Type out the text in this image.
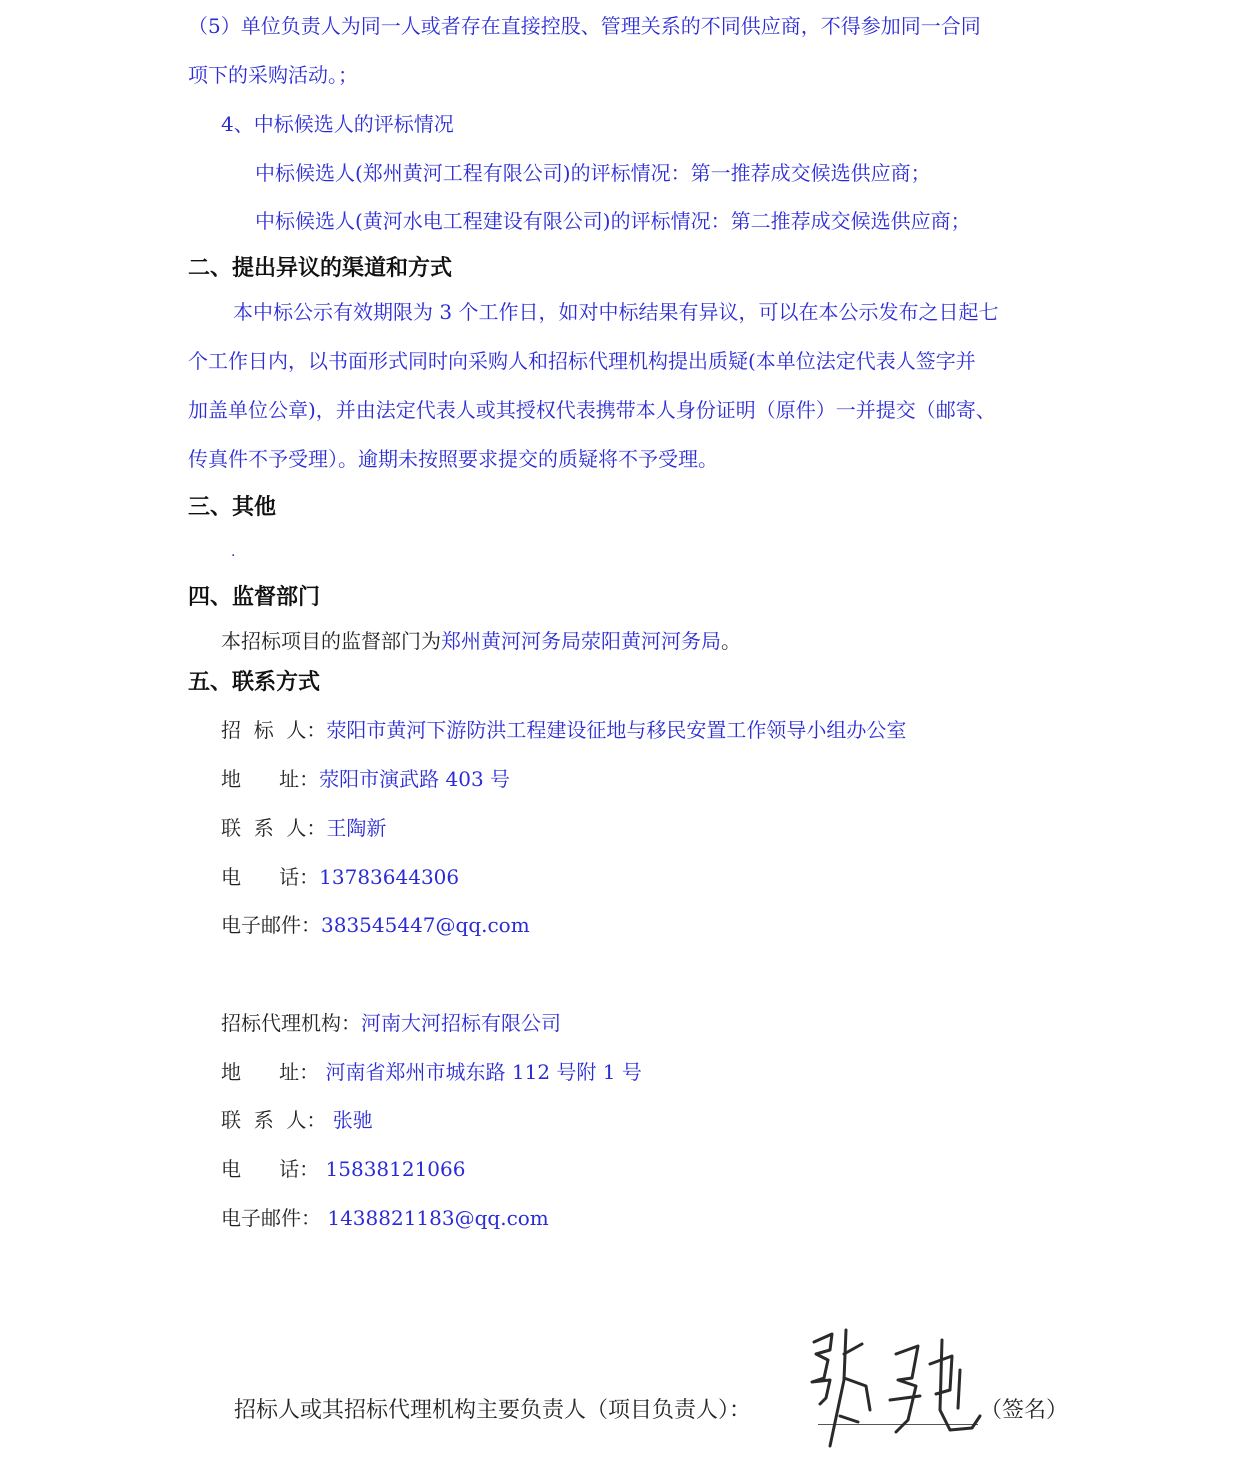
（5）单位负责人为同一人或者存在直接控股、管理关系的不同供应商，不得参加同一合同
项下的采购活动。；
4、中标候选人的评标情况
中标候选人(郑州黄河工程有限公司)的评标情况：第一推荐成交候选供应商；
中标候选人(黄河水电工程建设有限公司)的评标情况：第二推荐成交候选供应商；
二、提出异议的渠道和方式
本中标公示有效期限为 3 个工作日，如对中标结果有异议，可以在本公示发布之日起七
个工作日内，以书面形式同时向采购人和招标代理机构提出质疑(本单位法定代表人签字并
加盖单位公章)，并由法定代表人或其授权代表携带本人身份证明（原件）一并提交（邮寄、
传真件不予受理）。逾期未按照要求提交的质疑将不予受理。
三、其他
.
四、监督部门
本招标项目的监督部门为郑州黄河河务局荥阳黄河河务局。
五、联系方式
招  标  人：荥阳市黄河下游防洪工程建设征地与移民安置工作领导小组办公室
地      址：荥阳市演武路 403 号
联  系  人：王陶新
电      话：13783644306
电子邮件：383545447@qq.com
招标代理机构：河南大河招标有限公司
地      址： 河南省郑州市城东路 112 号附 1 号
联  系  人： 张驰
电      话： 15838121066
电子邮件： 1438821183@qq.com
招标人或其招标代理机构主要负责人（项目负责人）：	（签名）
